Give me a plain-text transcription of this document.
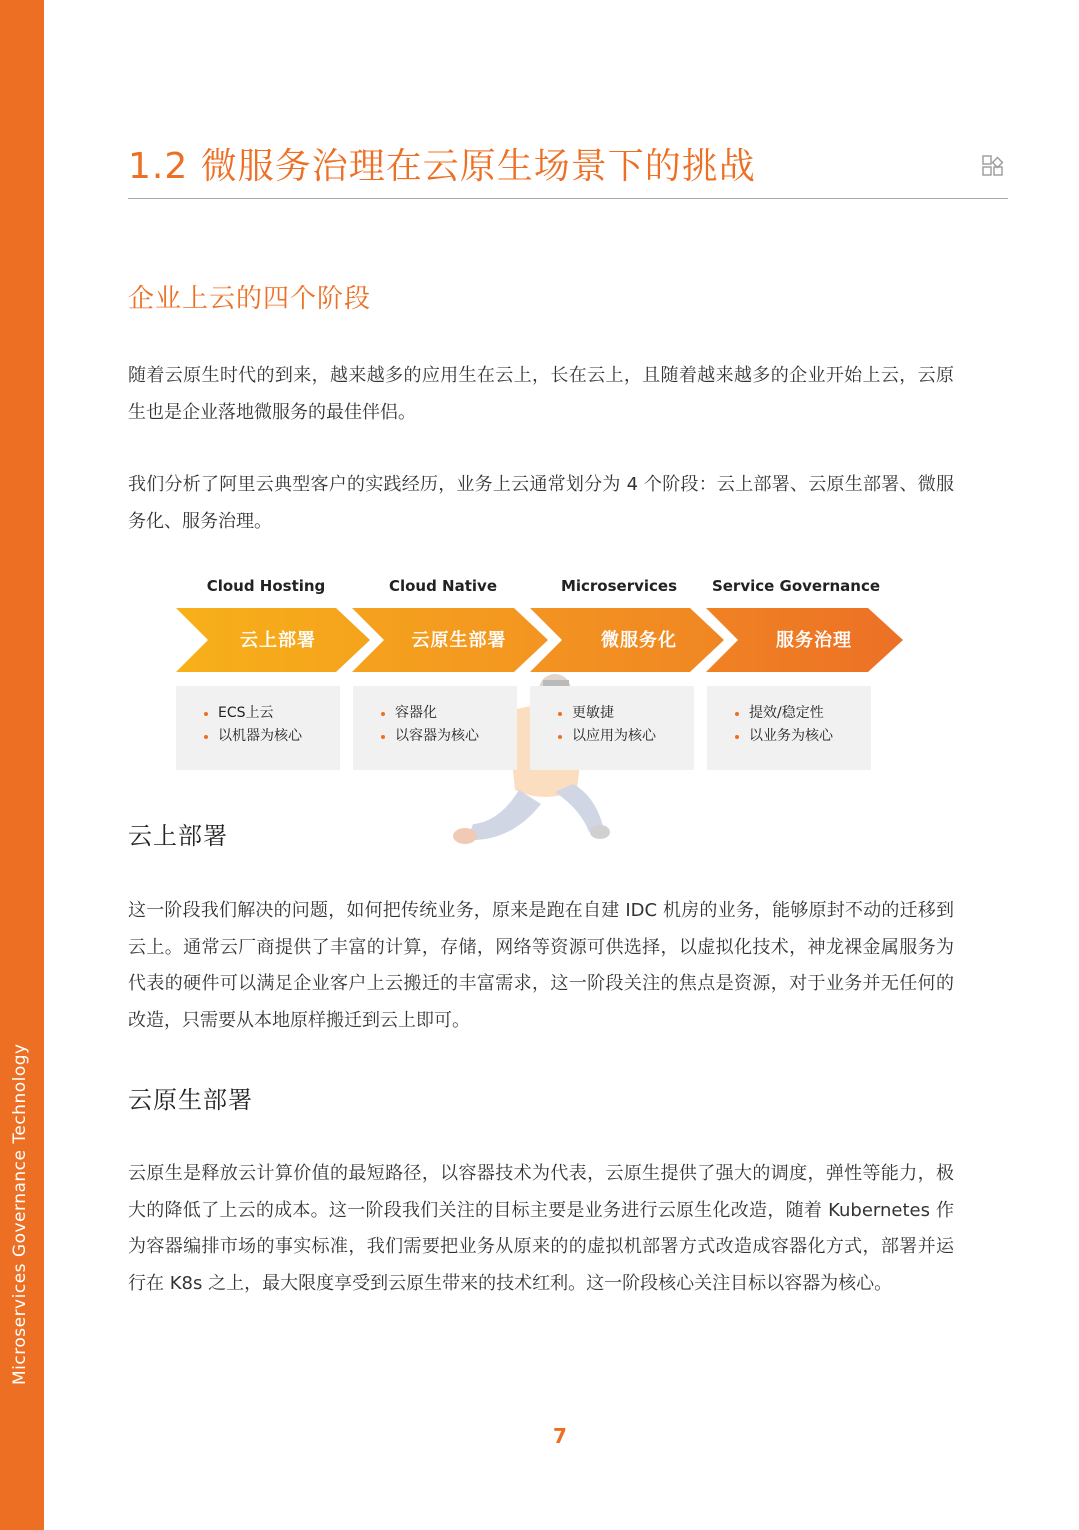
Microservices Governance Technology
1.2 微服务治理在云原生场景下的挑战
企业上云的四个阶段

随着云原生时代的到来，越来越多的应用生在云上，长在云上，且随着越来越多的企业开始上云，云原生也是企业落地微服务的最佳伴侣。

我们分析了阿里云典型客户的实践经历，业务上云通常划分为 4 个阶段：云上部署、云原生部署、微服务化、服务治理。

Cloud Hosting	Cloud Native	Microservices	Service Governance
云上部署	云原生部署	微服务化	服务治理
ECS上云
以机器为核心
容器化
以容器为核心
更敏捷
以应用为核心
提效/稳定性
以业务为核心
云上部署

这一阶段我们解决的问题，如何把传统业务，原来是跑在自建 IDC 机房的业务，能够原封不动的迁移到云上。通常云厂商提供了丰富的计算，存储，网络等资源可供选择，以虚拟化技术，神龙裸金属服务为代表的硬件可以满足企业客户上云搬迁的丰富需求，这一阶段关注的焦点是资源，对于业务并无任何的改造，只需要从本地原样搬迁到云上即可。

云原生部署

云原生是释放云计算价值的最短路径，以容器技术为代表，云原生提供了强大的调度，弹性等能力，极大的降低了上云的成本。这一阶段我们关注的目标主要是业务进行云原生化改造，随着 Kubernetes 作为容器编排市场的事实标准，我们需要把业务从原来的的虚拟机部署方式改造成容器化方式，部署并运行在 K8s 之上，最大限度享受到云原生带来的技术红利。这一阶段核心关注目标以容器为核心。

7
